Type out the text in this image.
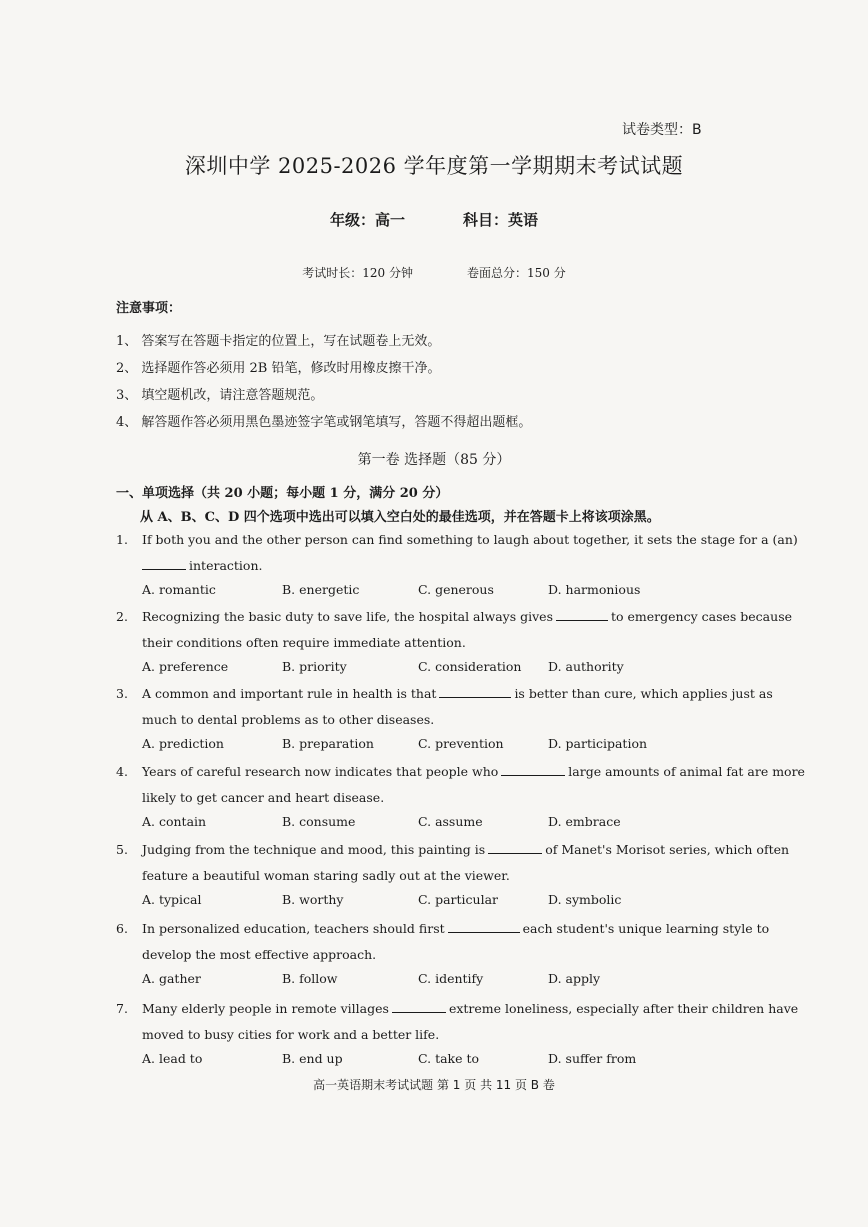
试卷类型：B
深圳中学 2025-2026 学年度第一学期期末考试试题
年级：高一	科目：英语
考试时长：120 分钟	卷面总分：150 分
注意事项：
1、 答案写在答题卡指定的位置上，写在试题卷上无效。
2、 选择题作答必须用 2B 铅笔，修改时用橡皮擦干净。
3、 填空题机改，请注意答题规范。
4、 解答题作答必须用黑色墨迹签字笔或钢笔填写，答题不得超出题框。
第一卷 选择题（85 分）
一、单项选择（共 20 小题；每小题 1 分，满分 20 分）
从 A、B、C、D 四个选项中选出可以填入空白处的最佳选项，并在答题卡上将该项涂黑。
1. If both you and the other person can find something to laugh about together, it sets the stage for a (an)
interaction.
A. romantic	B. energetic	C. generous	D. harmonious
2. Recognizing the basic duty to save life, the hospital always gives	to emergency cases because
their conditions often require immediate attention.
A. preference	B. priority	C. consideration D. authority
3. A common and important rule in health is that	is better than cure, which applies just as
much to dental problems as to other diseases.
A. prediction	B. preparation	C. prevention	D. participation
4. Years of careful research now indicates that people who	large amounts of animal fat are more
likely to get cancer and heart disease.
A. contain	B. consume	C. assume	D. embrace
5. Judging from the technique and mood, this painting is	of Manet's Morisot series, which often
feature a beautiful woman staring sadly out at the viewer.
A. typical	B. worthy	C. particular	D. symbolic
6. In personalized education, teachers should first	each student's unique learning style to
develop the most effective approach.
A. gather	B. follow	C. identify	D. apply
7. Many elderly people in remote villages	extreme loneliness, especially after their children have
moved to busy cities for work and a better life.
A. lead to	B. end up	C. take to	D. suffer from
高一英语期末考试试题 第 1 页 共 11 页 B 卷
